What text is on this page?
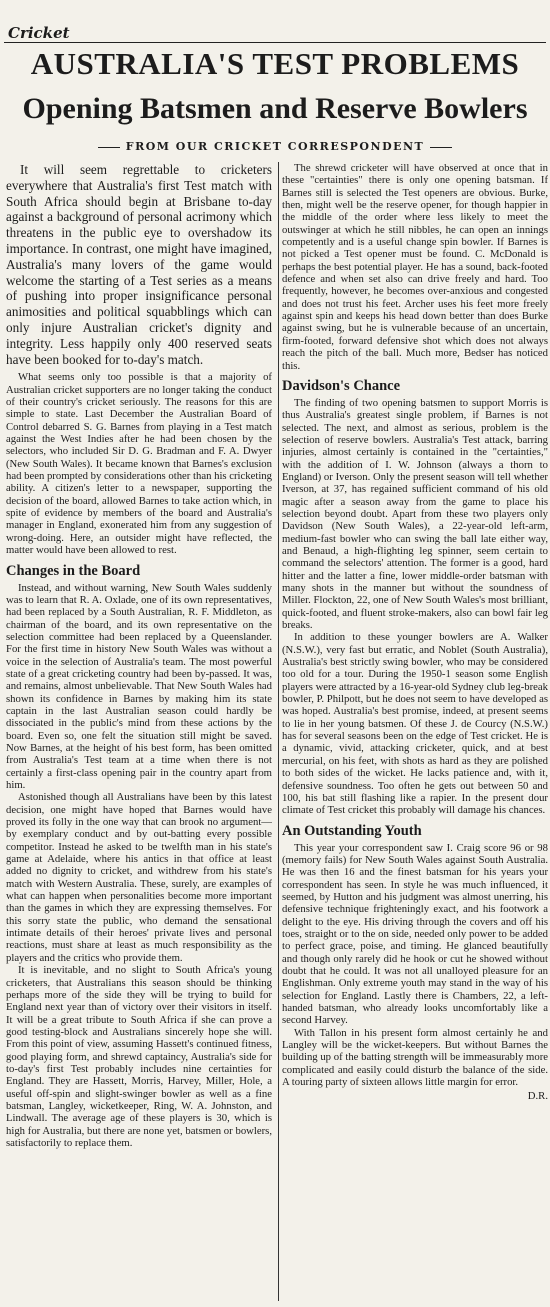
Cricket
AUSTRALIA'S TEST PROBLEMS
Opening Batsmen and Reserve Bowlers
FROM OUR CRICKET CORRESPONDENT

It will seem regrettable to cricketers everywhere that Australia's first Test match with South Africa should begin at Brisbane to-day against a background of personal acrimony which threatens in the public eye to overshadow its importance. In contrast, one might have imagined, Australia's many lovers of the game would welcome the starting of a Test series as a means of pushing into proper insignificance personal animosities and political squabblings which can only injure Australian cricket's dignity and integrity. Less happily only 400 reserved seats have been booked for to-day's match.

What seems only too possible is that a majority of Australian cricket supporters are no longer taking the conduct of their country's cricket seriously. The reasons for this are simple to state. Last December the Australian Board of Control debarred S. G. Barnes from playing in a Test match against the West Indies after he had been chosen by the selectors, who included Sir D. G. Bradman and F. A. Dwyer (New South Wales). It became known that Barnes's exclusion had been prompted by considerations other than his cricketing ability. A citizen's letter to a newspaper, supporting the decision of the board, allowed Barnes to take action which, in spite of evidence by members of the board and Australia's manager in England, exonerated him from any suggestion of wrong-doing. Here, an outsider might have reflected, the matter would have been allowed to rest.

Changes in the Board

Instead, and without warning, New South Wales suddenly was to learn that R. A. Oxlade, one of its own representatives, had been replaced by a South Australian, R. F. Middleton, as chairman of the board, and its own representative on the selection committee had been replaced by a Queenslander. For the first time in history New South Wales was without a voice in the selection of Australia's team. The most powerful state of a great cricketing country had been by-passed. It was, and remains, almost unbelievable. That New South Wales had shown its confidence in Barnes by making him its state captain in the last Australian season could hardly be dissociated in the public's mind from these actions by the board. Even so, one felt the situation still might be saved. Now Barnes, at the height of his best form, has been omitted from Australia's Test team at a time when there is not certainly a first-class opening pair in the country apart from him.

Astonished though all Australians have been by this latest decision, one might have hoped that Barnes would have proved its folly in the one way that can brook no argument—by exemplary conduct and by out-batting every possible competitor. Instead he asked to be twelfth man in his state's game at Adelaide, where his antics in that office at least added no dignity to cricket, and withdrew from his state's match with Western Australia. These, surely, are examples of what can happen when personalities become more important than the games in which they are expressing themselves. For this sorry state the public, who demand the sensational intimate details of their heroes' private lives and personal reactions, must share at least as much responsibility as the players and the critics who provide them.

It is inevitable, and no slight to South Africa's young cricketers, that Australians this season should be thinking perhaps more of the side they will be trying to build for England next year than of victory over their visitors in itself. It will be a great tribute to South Africa if she can prove a good testing-block and Australians sincerely hope she will. From this point of view, assuming Hassett's continued fitness, good playing form, and shrewd captaincy, Australia's side for to-day's first Test probably includes nine certainties for England. They are Hassett, Morris, Harvey, Miller, Hole, a useful off-spin and slight-swinger bowler as well as a fine batsman, Langley, wicketkeeper, Ring, W. A. Johnston, and Lindwall. The average age of these players is 30, which is high for Australia, but there are none yet, batsmen or bowlers, satisfactorily to replace them.

The shrewd cricketer will have observed at once that in these "certainties" there is only one opening batsman. If Barnes still is selected the Test openers are obvious. Burke, then, might well be the reserve opener, for though happier in the middle of the order where less likely to meet the outswinger at which he still nibbles, he can open an innings competently and is a useful change spin bowler. If Barnes is not picked a Test opener must be found. C. McDonald is perhaps the best potential player. He has a sound, back-footed defence and when set also can drive freely and hard. Too frequently, however, he becomes over-anxious and congested and does not trust his feet. Archer uses his feet more freely against spin and keeps his head down better than does Burke against swing, but he is vulnerable because of an uncertain, firm-footed, forward defensive shot which does not always reach the pitch of the ball. Much more, Bedser has noticed this.

Davidson's Chance

The finding of two opening batsmen to support Morris is thus Australia's greatest single problem, if Barnes is not selected. The next, and almost as serious, problem is the selection of reserve bowlers. Australia's Test attack, barring injuries, almost certainly is contained in the "certainties," with the addition of I. W. Johnson (always a thorn to England) or Iverson. Only the present season will tell whether Iverson, at 37, has regained sufficient command of his old magic after a season away from the game to place his selection beyond doubt. Apart from these two players only Davidson (New South Wales), a 22-year-old left-arm, medium-fast bowler who can swing the ball late either way, and Benaud, a high-flighting leg spinner, seem certain to command the selectors' attention. The former is a good, hard hitter and the latter a fine, lower middle-order batsman with many shots in the manner but without the soundness of Miller. Flockton, 22, one of New South Wales's most brilliant, quick-footed, and fluent stroke-makers, also can bowl fair leg breaks.

In addition to these younger bowlers are A. Walker (N.S.W.), very fast but erratic, and Noblet (South Australia), Australia's best strictly swing bowler, who may be considered too old for a tour. During the 1950-1 season some English players were attracted by a 16-year-old Sydney club leg-break bowler, P. Philpott, but he does not seem to have developed as was hoped. Australia's best promise, indeed, at present seems to lie in her young batsmen. Of these J. de Courcy (N.S.W.) has for several seasons been on the edge of Test cricket. He is a dynamic, vivid, attacking cricketer, quick, and at best mercurial, on his feet, with shots as hard as they are polished to both sides of the wicket. He lacks patience and, with it, defensive soundness. Too often he gets out between 50 and 100, his bat still flashing like a rapier. In the present dour climate of Test cricket this probably will damage his chances.

An Outstanding Youth

This year your correspondent saw I. Craig score 96 or 98 (memory fails) for New South Wales against South Australia. He was then 16 and the finest batsman for his years your correspondent has seen. In style he was much influenced, it seemed, by Hutton and his judgment was almost unerring, his defensive technique frighteningly exact, and his footwork a delight to the eye. His driving through the covers and off his toes, straight or to the on side, needed only power to be added to perfect grace, poise, and timing. He glanced beautifully and though only rarely did he hook or cut he showed without doubt that he could. It was not all unalloyed pleasure for an Englishman. Only extreme youth may stand in the way of his selection for England. Lastly there is Chambers, 22, a left-handed batsman, who already looks uncomfortably like a second Harvey.

With Tallon in his present form almost certainly he and Langley will be the wicket-keepers. But without Barnes the building up of the batting strength will be immeasurably more complicated and easily could disturb the balance of the side. A touring party of sixteen allows little margin for error.

D.R.
